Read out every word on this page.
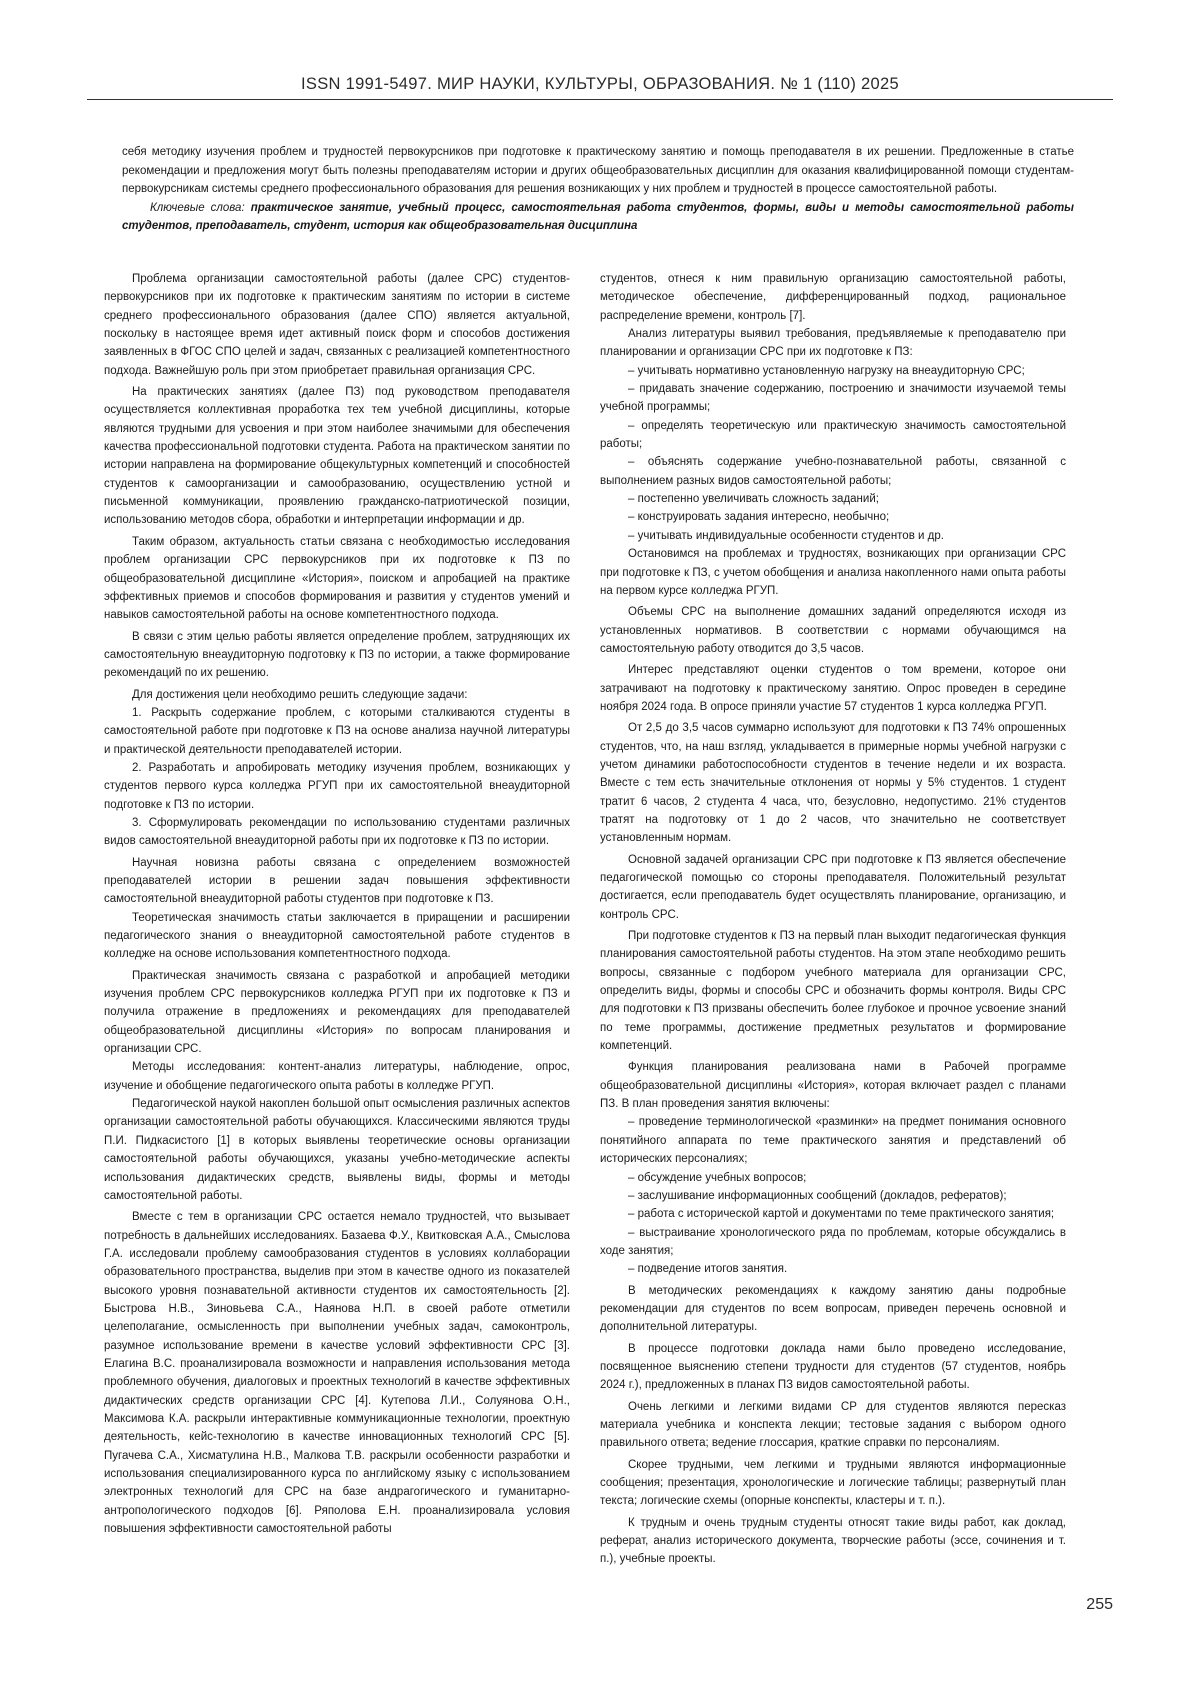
ISSN 1991-5497. МИР НАУКИ, КУЛЬТУРЫ, ОБРАЗОВАНИЯ. № 1 (110) 2025

себя методику изучения проблем и трудностей первокурсников при подготовке к практическому занятию и помощь преподавателя в их решении. Предложенные в статье рекомендации и предложения могут быть полезны преподавателям истории и других общеобразовательных дисциплин для оказания квалифицированной помощи студентам-первокурсникам системы среднего профессионального образования для решения возникающих у них проблем и трудностей в процессе самостоятельной работы.

Ключевые слова: практическое занятие, учебный процесс, самостоятельная работа студентов, формы, виды и методы самостоятельной работы студентов, преподаватель, студент, история как общеобразовательная дисциплина

Проблема организации самостоятельной работы (далее СРС) студентов-первокурсников при их подготовке к практическим занятиям по истории в системе среднего профессионального образования (далее СПО) является актуальной, поскольку в настоящее время идет активный поиск форм и способов достижения заявленных в ФГОС СПО целей и задач, связанных с реализацией компетентностного подхода. Важнейшую роль при этом приобретает правильная организация СРС.

На практических занятиях (далее ПЗ) под руководством преподавателя осуществляется коллективная проработка тех тем учебной дисциплины, которые являются трудными для усвоения и при этом наиболее значимыми для обеспечения качества профессиональной подготовки студента. Работа на практическом занятии по истории направлена на формирование общекультурных компетенций и способностей студентов к самоорганизации и самообразованию, осуществлению устной и письменной коммуникации, проявлению гражданско-патриотической позиции, использованию методов сбора, обработки и интерпретации информации и др.

Таким образом, актуальность статьи связана с необходимостью исследования проблем организации СРС первокурсников при их подготовке к ПЗ по общеобразовательной дисциплине «История», поиском и апробацией на практике эффективных приемов и способов формирования и развития у студентов умений и навыков самостоятельной работы на основе компетентностного подхода.

В связи с этим целью работы является определение проблем, затрудняющих их самостоятельную внеаудиторную подготовку к ПЗ по истории, а также формирование рекомендаций по их решению.

Для достижения цели необходимо решить следующие задачи:

1. Раскрыть содержание проблем, с которыми сталкиваются студенты в самостоятельной работе при подготовке к ПЗ на основе анализа научной литературы и практической деятельности преподавателей истории.

2. Разработать и апробировать методику изучения проблем, возникающих у студентов первого курса колледжа РГУП при их самостоятельной внеаудиторной подготовке к ПЗ по истории.

3. Сформулировать рекомендации по использованию студентами различных видов самостоятельной внеаудиторной работы при их подготовке к ПЗ по истории.

Научная новизна работы связана с определением возможностей преподавателей истории в решении задач повышения эффективности самостоятельной внеаудиторной работы студентов при подготовке к ПЗ.

Теоретическая значимость статьи заключается в приращении и расширении педагогического знания о внеаудиторной самостоятельной работе студентов в колледже на основе использования компетентностного подхода.

Практическая значимость связана с разработкой и апробацией методики изучения проблем СРС первокурсников колледжа РГУП при их подготовке к ПЗ и получила отражение в предложениях и рекомендациях для преподавателей общеобразовательной дисциплины «История» по вопросам планирования и организации СРС.

Методы исследования: контент-анализ литературы, наблюдение, опрос, изучение и обобщение педагогического опыта работы в колледже РГУП.

Педагогической наукой накоплен большой опыт осмысления различных аспектов организации самостоятельной работы обучающихся. Классическими являются труды П.И. Пидкасистого [1] в которых выявлены теоретические основы организации самостоятельной работы обучающихся, указаны учебно-методические аспекты использования дидактических средств, выявлены виды, формы и методы самостоятельной работы.

Вместе с тем в организации СРС остается немало трудностей, что вызывает потребность в дальнейших исследованиях. Базаева Ф.У., Квитковская А.А., Смыслова Г.А. исследовали проблему самообразования студентов в условиях коллаборации образовательного пространства, выделив при этом в качестве одного из показателей высокого уровня познавательной активности студентов их самостоятельность [2]. Быстрова Н.В., Зиновьева С.А., Наянова Н.П. в своей работе отметили целеполагание, осмысленность при выполнении учебных задач, самоконтроль, разумное использование времени в качестве условий эффективности СРС [3]. Елагина В.С. проанализировала возможности и направления использования метода проблемного обучения, диалоговых и проектных технологий в качестве эффективных дидактических средств организации СРС [4]. Кутепова Л.И., Солуянова О.Н., Максимова К.А. раскрыли интерактивные коммуникационные технологии, проектную деятельность, кейс-технологию в качестве инновационных технологий СРС [5]. Пугачева С.А., Хисматулина Н.В., Малкова Т.В. раскрыли особенности разработки и использования специализированного курса по английскому языку с использованием электронных технологий для СРС на базе андрагогического и гуманитарно-антропологического подходов [6]. Ряполова Е.Н. проанализировала условия повышения эффективности самостоятельной работы

студентов, отнеся к ним правильную организацию самостоятельной работы, методическое обеспечение, дифференцированный подход, рациональное распределение времени, контроль [7].

Анализ литературы выявил требования, предъявляемые к преподавателю при планировании и организации СРС при их подготовке к ПЗ:

– учитывать нормативно установленную нагрузку на внеаудиторную СРС;

– придавать значение содержанию, построению и значимости изучаемой темы учебной программы;

– определять теоретическую или практическую значимость самостоятельной работы;

– объяснять содержание учебно-познавательной работы, связанной с выполнением разных видов самостоятельной работы;

– постепенно увеличивать сложность заданий;

– конструировать задания интересно, необычно;

– учитывать индивидуальные особенности студентов и др.

Остановимся на проблемах и трудностях, возникающих при организации СРС при подготовке к ПЗ, с учетом обобщения и анализа накопленного нами опыта работы на первом курсе колледжа РГУП.

Объемы СРС на выполнение домашних заданий определяются исходя из установленных нормативов. В соответствии с нормами обучающимся на самостоятельную работу отводится до 3,5 часов.

Интерес представляют оценки студентов о том времени, которое они затрачивают на подготовку к практическому занятию. Опрос проведен в середине ноября 2024 года. В опросе приняли участие 57 студентов 1 курса колледжа РГУП.

От 2,5 до 3,5 часов суммарно используют для подготовки к ПЗ 74% опрошенных студентов, что, на наш взгляд, укладывается в примерные нормы учебной нагрузки с учетом динамики работоспособности студентов в течение недели и их возраста. Вместе с тем есть значительные отклонения от нормы у 5% студентов. 1 студент тратит 6 часов, 2 студента 4 часа, что, безусловно, недопустимо. 21% студентов тратят на подготовку от 1 до 2 часов, что значительно не соответствует установленным нормам.

Основной задачей организации СРС при подготовке к ПЗ является обеспечение педагогической помощью со стороны преподавателя. Положительный результат достигается, если преподаватель будет осуществлять планирование, организацию, и контроль СРС.

При подготовке студентов к ПЗ на первый план выходит педагогическая функция планирования самостоятельной работы студентов. На этом этапе необходимо решить вопросы, связанные с подбором учебного материала для организации СРС, определить виды, формы и способы СРС и обозначить формы контроля. Виды СРС для подготовки к ПЗ призваны обеспечить более глубокое и прочное усвоение знаний по теме программы, достижение предметных результатов и формирование компетенций.

Функция планирования реализована нами в Рабочей программе общеобразовательной дисциплины «История», которая включает раздел с планами ПЗ. В план проведения занятия включены:

– проведение терминологической «разминки» на предмет понимания основного понятийного аппарата по теме практического занятия и представлений об исторических персоналиях;

– обсуждение учебных вопросов;

– заслушивание информационных сообщений (докладов, рефератов);

– работа с исторической картой и документами по теме практического занятия;

– выстраивание хронологического ряда по проблемам, которые обсуждались в ходе занятия;

– подведение итогов занятия.

В методических рекомендациях к каждому занятию даны подробные рекомендации для студентов по всем вопросам, приведен перечень основной и дополнительной литературы.

В процессе подготовки доклада нами было проведено исследование, посвященное выяснению степени трудности для студентов (57 студентов, ноябрь 2024 г.), предложенных в планах ПЗ видов самостоятельной работы.

Очень легкими и легкими видами СР для студентов являются пересказ материала учебника и конспекта лекции; тестовые задания с выбором одного правильного ответа; ведение глоссария, краткие справки по персоналиям.

Скорее трудными, чем легкими и трудными являются информационные сообщения; презентация, хронологические и логические таблицы; развернутый план текста; логические схемы (опорные конспекты, кластеры и т. п.).

К трудным и очень трудным студенты относят такие виды работ, как доклад, реферат, анализ исторического документа, творческие работы (эссе, сочинения и т. п.), учебные проекты.

255
